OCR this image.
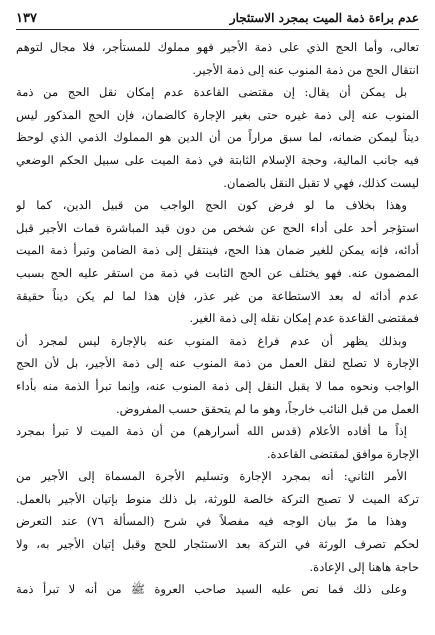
عدم براءة ذمة الميت بمجرد الاستئجار
١٣٧
تعالى، وأما الحج الذي على ذمة الأجير فهو مملوك للمستأجر، فلا مجال لتوهم
انتقال الحج من ذمة المنوب عنه إلى ذمة الأجير.
بل يمكن أن يقال: إن مقتضى القاعدة عدم إمكان نقل الحج من ذمة
المنوب عنه إلى ذمة غيره حتى بغير الإجارة كالضمان، فإن الحج المذكور ليس
ديناً ليمكن ضمانه، لما سبق مراراً من أن الدين هو المملوك الذمي الذي لوحظ
فيه جانب المالية، وحجة الإسلام الثابتة في ذمة الميت على سبيل الحكم الوضعي
ليست كذلك، فهي لا تقبل النقل بالضمان.
وهذا بخلاف ما لو فرض كون الحج الواجب من قبيل الدين، كما لو
استؤجر أحد على أداء الحج عن شخص من دون قيد المباشرة فمات الأجير قبل
أدائه، فإنه يمكن للغير ضمان هذا الحج، فينتقل إلى ذمة الضامن وتبرأ ذمة الميت
المضمون عنه. فهو يختلف عن الحج الثابت في ذمة من استقر عليه الحج بسبب
عدم أدائه له بعد الاستطاعة من غير عذر، فإن هذا لما لم يكن ديناً حقيقة
فمقتضى القاعدة عدم إمكان نقله إلى ذمة الغير.
وبذلك يظهر أن عدم فراغ ذمة المنوب عنه بالإجارة ليس لمجرد أن
الإجارة لا تصلح لنقل العمل من ذمة المنوب عنه إلى ذمة الأجير، بل لأن الحج
الواجب ونحوه مما لا يقبل النقل إلى ذمة المنوب عنه، وإنما تبرأ الذمة منه بأداء
العمل من قبل النائب خارجاً، وهو ما لم يتحقق حسب المفروض.
إذاً ما أفاده الأعلام (قدس الله أسرارهم) من أن ذمة الميت لا تبرأ بمجرد
الإجارة موافق لمقتضى القاعدة.
الأمر الثاني: أنه بمجرد الإجارة وتسليم الأجرة المسماة إلى الأجير من
تركة الميت لا تصبح التركة خالصة للورثة، بل ذلك منوط بإتيان الأجير بالعمل.
وهذا ما مرّ بيان الوجه فيه مفصلاً في شرح (المسألة ٧٦) عند التعرض
لحكم تصرف الورثة في التركة بعد الاستئجار للحج وقبل إتيان الأجير به، ولا
حاجة هاهنا إلى الإعادة.
وعلى ذلك فما نص عليه السيد صاحب العروة ﷺ من أنه لا تبرأ ذمة
